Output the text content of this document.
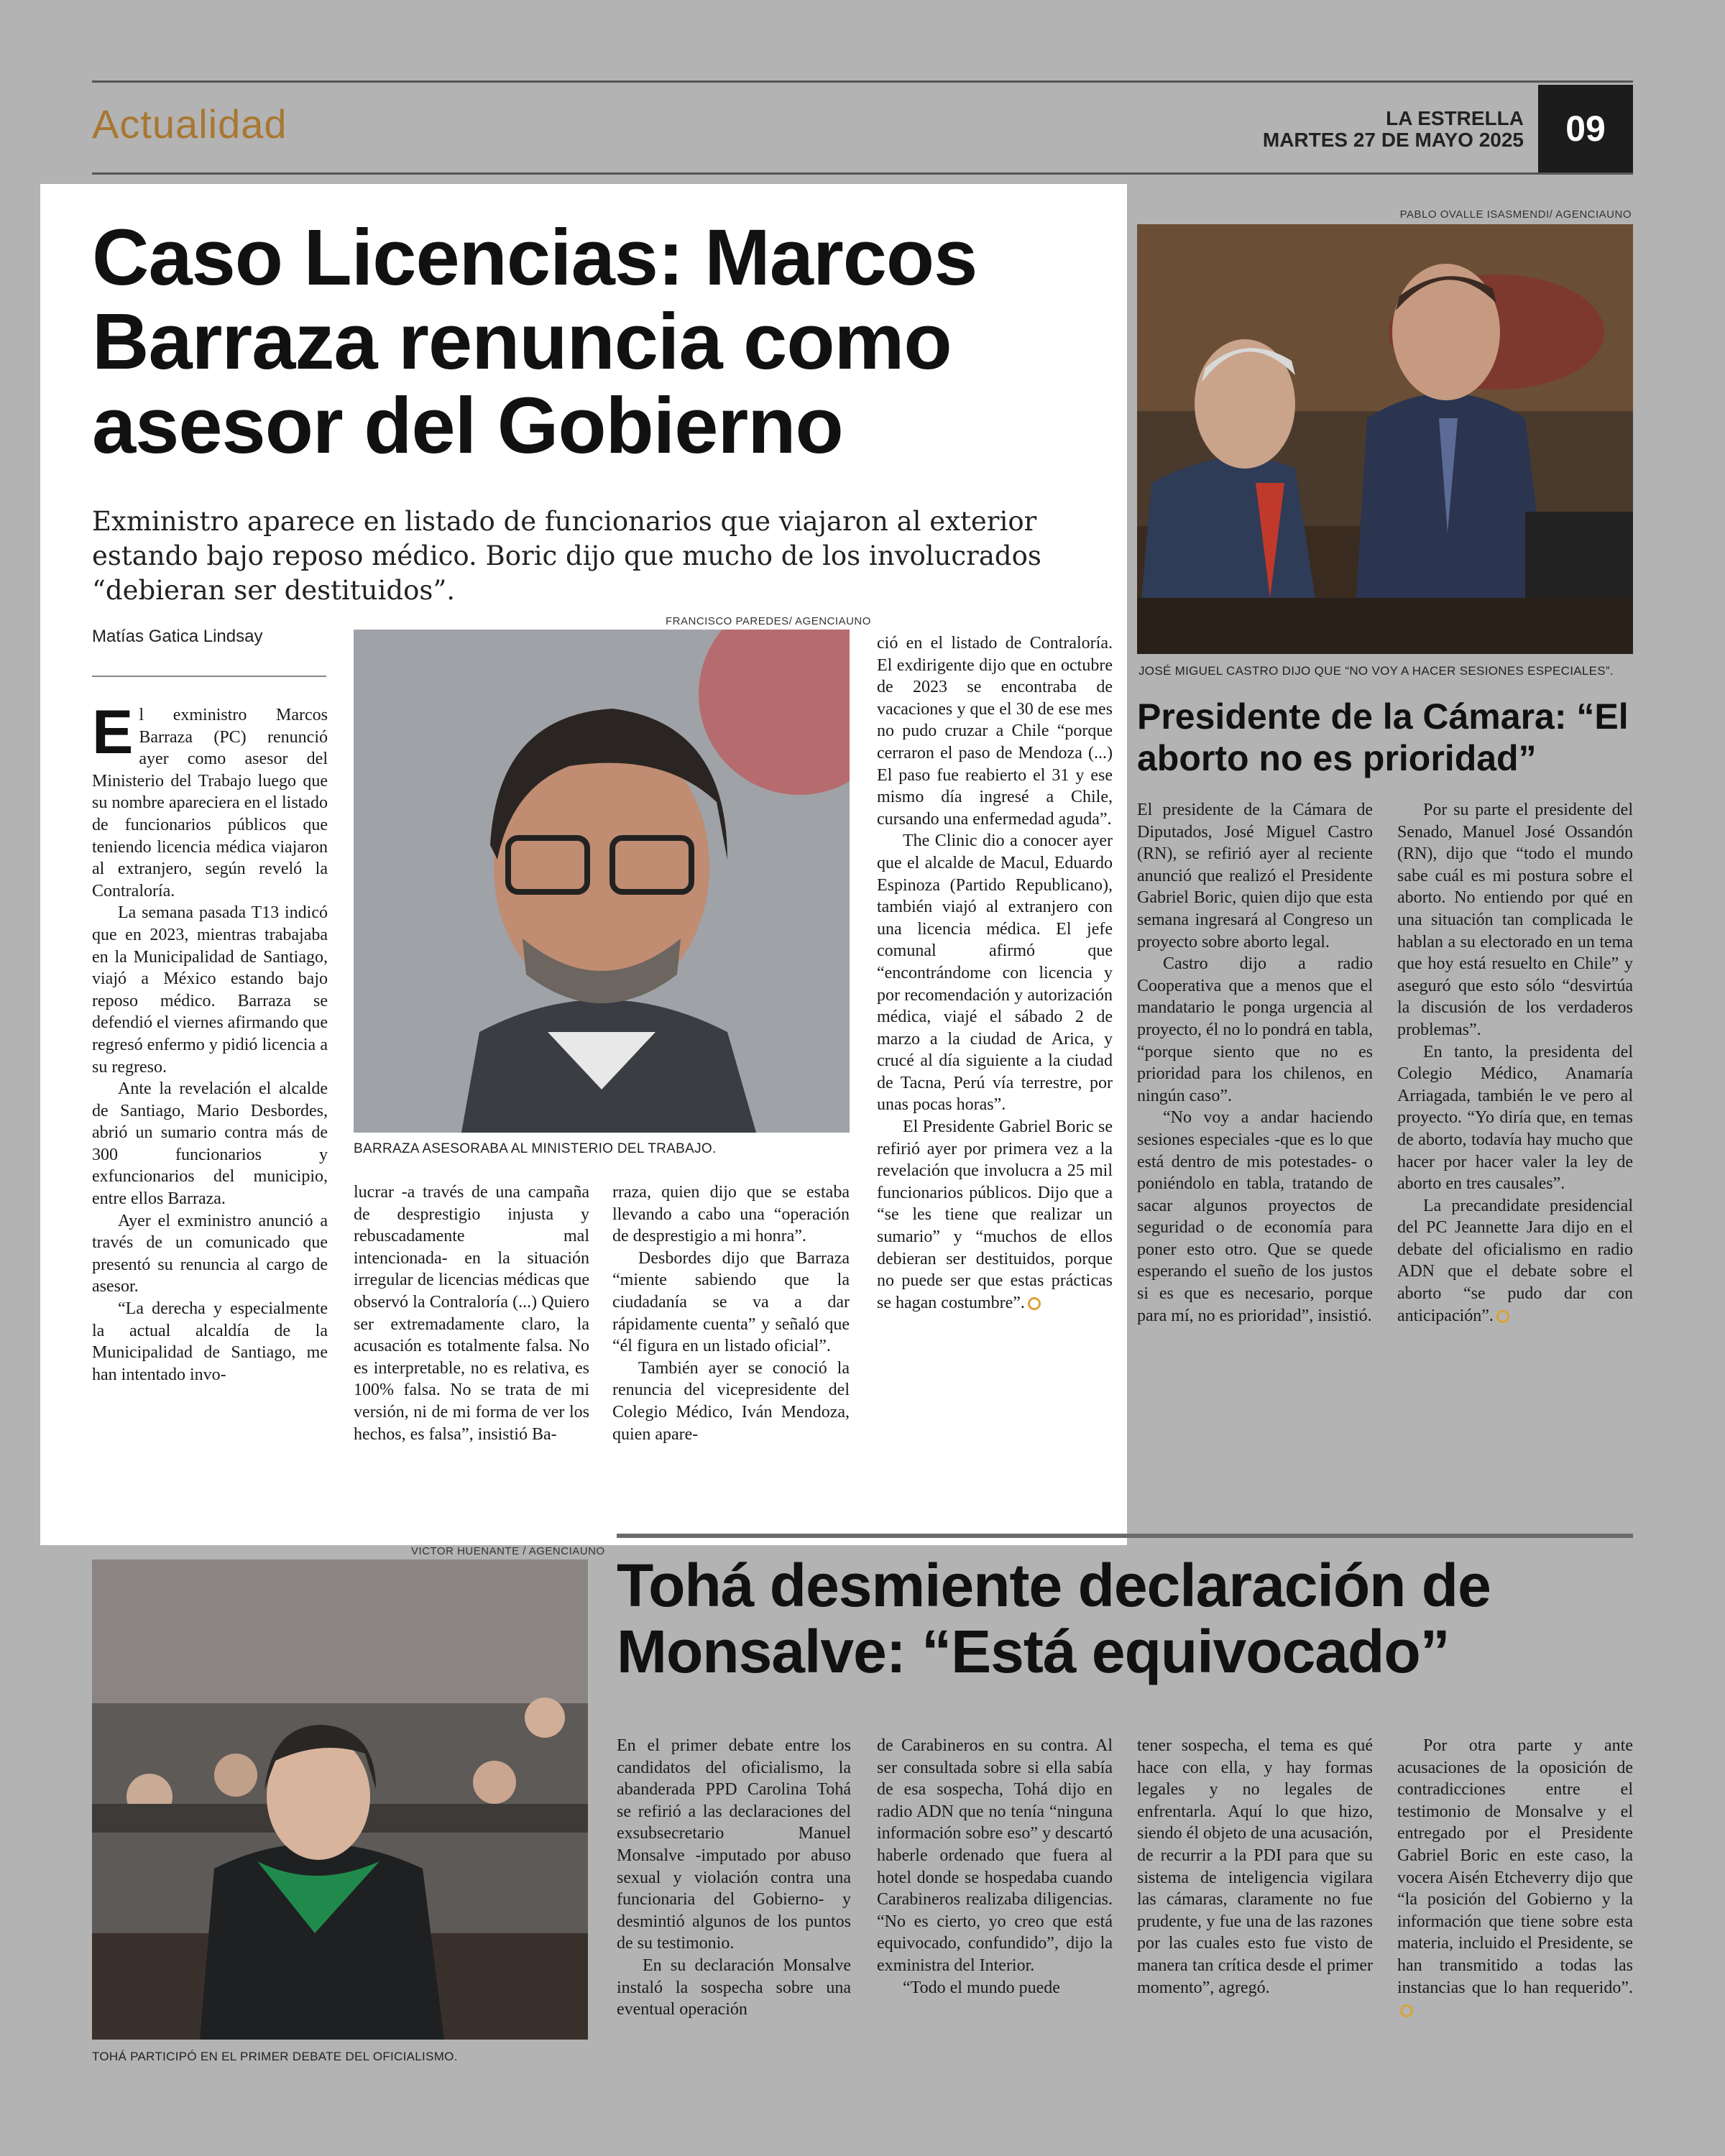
Actualidad	LA ESTRELLA
MARTES 27 DE MAYO 2025	09
Caso Licencias: Marcos Barraza renuncia como asesor del Gobierno
Exministro aparece en listado de funcionarios que viajaron al exterior estando bajo reposo médico. Boric dijo que mucho de los involucrados “debieran ser destituidos”.
Matías Gatica Lindsay
FRANCISCO PAREDES/ AGENCIAUNO
BARRAZA ASESORABA AL MINISTERIO DEL TRABAJO.

El exministro Marcos Barraza (PC) renunció ayer como asesor del Ministerio del Trabajo luego que su nombre apareciera en el listado de funcionarios públicos que teniendo licencia médica viajaron al extranjero, según reveló la Contraloría.

La semana pasada T13 indicó que en 2023, mientras trabajaba en la Municipalidad de Santiago, viajó a México estando bajo reposo médico. Barraza se defendió el viernes afirmando que regresó enfermo y pidió licencia a su regreso.

Ante la revelación el alcalde de Santiago, Mario Desbordes, abrió un sumario contra más de 300 funcionarios y exfuncionarios del municipio, entre ellos Barraza.

Ayer el exministro anunció a través de un comunicado que presentó su renuncia al cargo de asesor.

“La derecha y especialmente la actual alcaldía de la Municipalidad de Santiago, me han intentado invo-

lucrar -a través de una campaña de desprestigio injusta y rebuscadamente mal intencionada- en la situación irregular de licencias médicas que observó la Contraloría (...) Quiero ser extremadamente claro, la acusación es totalmente falsa. No es interpretable, no es relativa, es 100% falsa. No se trata de mi versión, ni de mi forma de ver los hechos, es falsa”, insistió Ba-

rraza, quien dijo que se estaba llevando a cabo una “operación de desprestigio a mi honra”.

Desbordes dijo que Barraza “miente sabiendo que la ciudadanía se va a dar rápidamente cuenta” y señaló que “él figura en un listado oficial”.

También ayer se conoció la renuncia del vicepresidente del Colegio Médico, Iván Mendoza, quien apare-

ció en el listado de Contraloría. El exdirigente dijo que en octubre de 2023 se encontraba de vacaciones y que el 30 de ese mes no pudo cruzar a Chile “porque cerraron el paso de Mendoza (...) El paso fue reabierto el 31 y ese mismo día ingresé a Chile, cursando una enfermedad aguda”.

The Clinic dio a conocer ayer que el alcalde de Macul, Eduardo Espinoza (Partido Republicano), también viajó al extranjero con una licencia médica. El jefe comunal afirmó que “encontrándome con licencia y por recomendación y autorización médica, viajé el sábado 2 de marzo a la ciudad de Arica, y crucé al día siguiente a la ciudad de Tacna, Perú vía terrestre, por unas pocas horas”.

El Presidente Gabriel Boric se refirió ayer por primera vez a la revelación que involucra a 25 mil funcionarios públicos. Dijo que a “se les tiene que realizar un sumario” y “muchos de ellos debieran ser destituidos, porque no puede ser que estas prácticas se hagan costumbre”.

PABLO OVALLE ISASMENDI/ AGENCIAUNO
JOSÉ MIGUEL CASTRO DIJO QUE “NO VOY A HACER SESIONES ESPECIALES”.
Presidente de la Cámara: “El aborto no es prioridad”

El presidente de la Cámara de Diputados, José Miguel Castro (RN), se refirió ayer al reciente anunció que realizó el Presidente Gabriel Boric, quien dijo que esta semana ingresará al Congreso un proyecto sobre aborto legal.

Castro dijo a radio Cooperativa que a menos que el mandatario le ponga urgencia al proyecto, él no lo pondrá en tabla, “porque siento que no es prioridad para los chilenos, en ningún caso”.

“No voy a andar haciendo sesiones especiales -que es lo que está dentro de mis potestades- o poniéndolo en tabla, tratando de sacar algunos proyectos de seguridad o de economía para poner esto otro. Que se quede esperando el sueño de los justos si es que es necesario, porque para mí, no es prioridad”, insistió.

Por su parte el presidente del Senado, Manuel José Ossandón (RN), dijo que “todo el mundo sabe cuál es mi postura sobre el aborto. No entiendo por qué en una situación tan complicada le hablan a su electorado en un tema que hoy está resuelto en Chile” y aseguró que esto sólo “desvirtúa la discusión de los verdaderos problemas”.

En tanto, la presidenta del Colegio Médico, Anamaría Arriagada, también le ve pero al proyecto. “Yo diría que, en temas de aborto, todavía hay mucho que hacer por hacer valer la ley de aborto en tres causales”.

La precandidate presidencial del PC Jeannette Jara dijo en el debate del oficialismo en radio ADN que el debate sobre el aborto “se pudo dar con anticipación”.

VICTOR HUENANTE / AGENCIAUNO
TOHÁ PARTICIPÓ EN EL PRIMER DEBATE DEL OFICIALISMO.
Tohá desmiente declaración de Monsalve: “Está equivocado”

En el primer debate entre los candidatos del oficialismo, la abanderada PPD Carolina Tohá se refirió a las declaraciones del exsubsecretario Manuel Monsalve -imputado por abuso sexual y violación contra una funcionaria del Gobierno- y desmintió algunos de los puntos de su testimonio.

En su declaración Monsalve instaló la sospecha sobre una eventual operación

de Carabineros en su contra. Al ser consultada sobre si ella sabía de esa sospecha, Tohá dijo en radio ADN que no tenía “ninguna información sobre eso” y descartó haberle ordenado que fuera al hotel donde se hospedaba cuando Carabineros realizaba diligencias. “No es cierto, yo creo que está equivocado, confundido”, dijo la exministra del Interior.

“Todo el mundo puede

tener sospecha, el tema es qué hace con ella, y hay formas legales y no legales de enfrentarla. Aquí lo que hizo, siendo él objeto de una acusación, de recurrir a la PDI para que su sistema de inteligencia vigilara las cámaras, claramente no fue prudente, y fue una de las razones por las cuales esto fue visto de manera tan crítica desde el primer momento”, agregó.

Por otra parte y ante acusaciones de la oposición de contradicciones entre el testimonio de Monsalve y el entregado por el Presidente Gabriel Boric en este caso, la vocera Aisén Etcheverry dijo que “la posición del Gobierno y la información que tiene sobre esta materia, incluido el Presidente, se han transmitido a todas las instancias que lo han requerido”.
